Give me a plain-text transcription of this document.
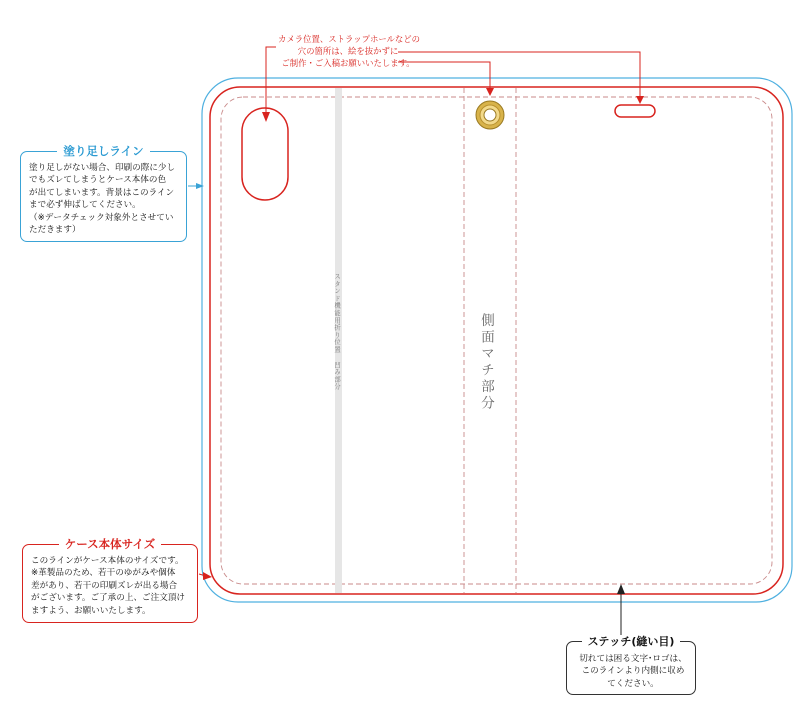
カメラ位置、ストラップホールなどの
穴の箇所は、絵を抜かずに
ご制作・ご入稿お願いいたします。
スタンド機能用折り位置 凹み部分	側面マチ部分
塗り足しライン
塗り足しがない場合、印刷の際に少し
でもズレてしまうとケース本体の色
が出てしまいます。背景はこのライン
まで必ず伸ばしてください。
（※データチェック対象外とさせてい
ただきます）
ケース本体サイズ
このラインがケース本体のサイズです。
※革製品のため、若干のゆがみや個体
差があり、若干の印刷ズレが出る場合
がございます。ご了承の上、ご注文頂け
ますよう、お願いいたします。
ステッチ(縫い目)
切れては困る文字･ロゴは、
このラインより内側に収め
てください。
